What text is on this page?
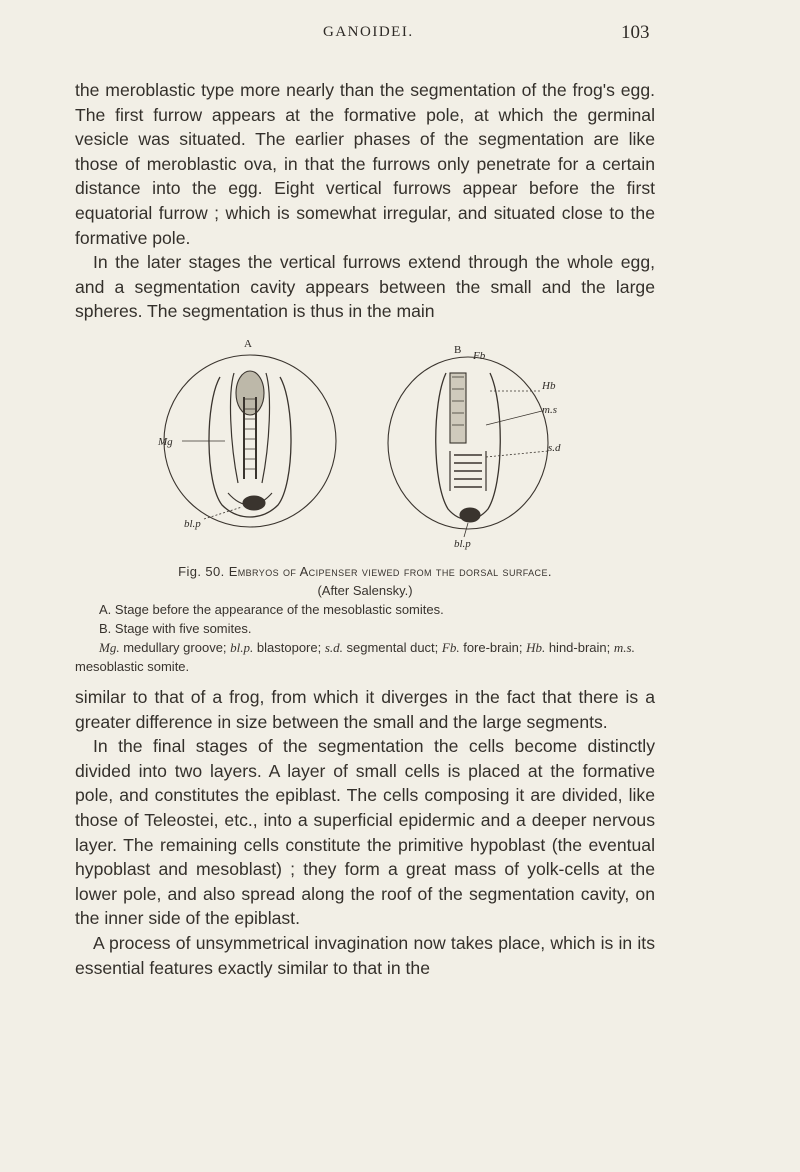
GANOIDEI.	103

the meroblastic type more nearly than the segmentation of the frog's egg. The first furrow appears at the formative pole, at which the germinal vesicle was situated. The earlier phases of the segmentation are like those of meroblastic ova, in that the furrows only penetrate for a certain distance into the egg. Eight vertical furrows appear before the first equatorial furrow ; which is somewhat irregular, and situated close to the formative pole.

In the later stages the vertical furrows extend through the whole egg, and a segmentation cavity appears between the small and the large spheres. The segmentation is thus in the main

A
Mg
bl.p
B Fb
Hb
m.s
s.d
bl.p
Fig. 50. Embryos of Acipenser viewed from the dorsal surface.
(After Salensky.)
A. Stage before the appearance of the mesoblastic somites.
B. Stage with five somites.
Mg. medullary groove; bl.p. blastopore; s.d. segmental duct; Fb. fore-brain; Hb. hind-brain; m.s. mesoblastic somite.

similar to that of a frog, from which it diverges in the fact that there is a greater difference in size between the small and the large segments.

In the final stages of the segmentation the cells become distinctly divided into two layers. A layer of small cells is placed at the formative pole, and constitutes the epiblast. The cells composing it are divided, like those of Teleostei, etc., into a superficial epidermic and a deeper nervous layer. The remaining cells constitute the primitive hypoblast (the eventual hypoblast and mesoblast) ; they form a great mass of yolk-cells at the lower pole, and also spread along the roof of the segmentation cavity, on the inner side of the epiblast.

A process of unsymmetrical invagination now takes place, which is in its essential features exactly similar to that in the
